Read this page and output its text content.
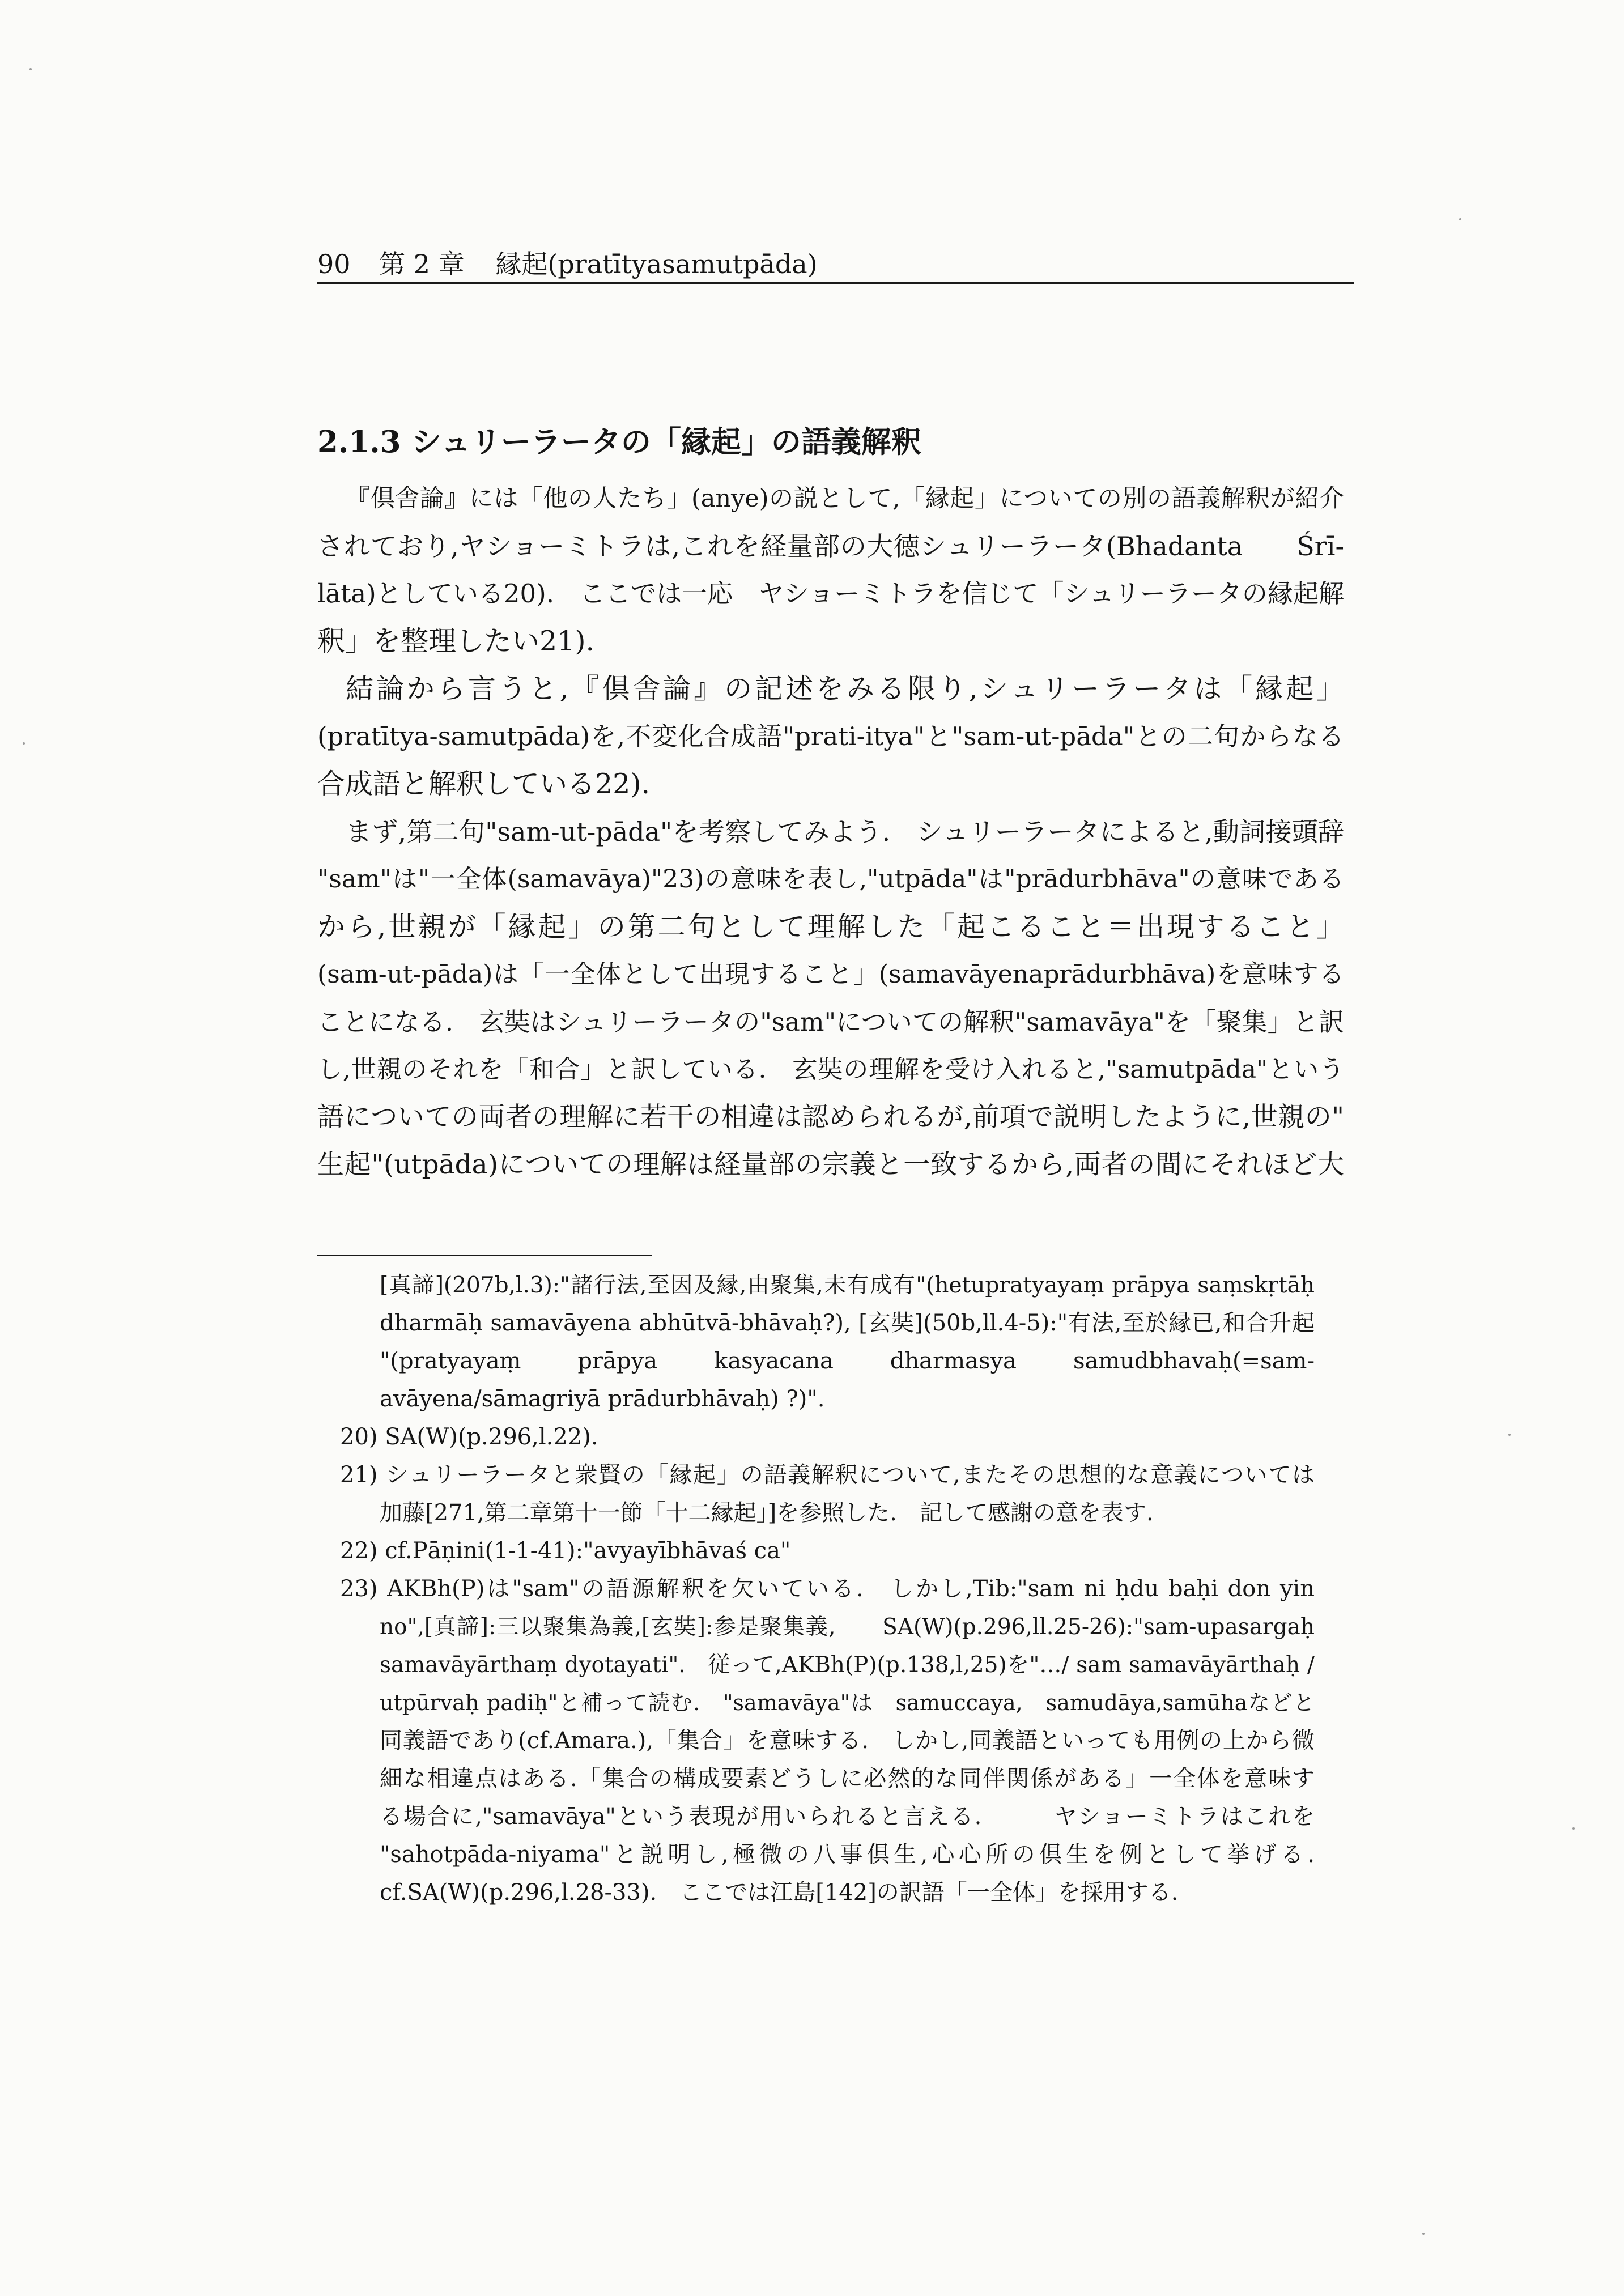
90 第 2 章 縁起(pratītyasamutpāda)
2.1.3 シュリーラータの「縁起」の語義解釈
『倶舎論』には「他の人たち」(anye)の説として,「縁起」についての別の語義解釈が紹介
されており,ヤショーミトラは,これを経量部の大徳シュリーラータ(Bhadanta　　Śrī-
lāta)としている20).　ここでは一応　ヤショーミトラを信じて「シュリーラータの縁起解
釈」を整理したい21).
結論から言うと,『倶舎論』の記述をみる限り,シュリーラータは「縁起」
(pratītya-samutpāda)を,不変化合成語"prati-itya"と"sam-ut-pāda"との二句からなる
合成語と解釈している22).
まず,第二句"sam-ut-pāda"を考察してみよう.　シュリーラータによると,動詞接頭辞
"sam"は"一全体(samavāya)"23)の意味を表し,"utpāda"は"prādurbhāva"の意味である
から,世親が「縁起」の第二句として理解した「起こること＝出現すること」
(sam-ut-pāda)は「一全体として出現すること」(samavāyenaprādurbhāva)を意味する
ことになる.　玄奘はシュリーラータの"sam"についての解釈"samavāya"を「聚集」と訳
し,世親のそれを「和合」と訳している.　玄奘の理解を受け入れると,"samutpāda"という
語についての両者の理解に若干の相違は認められるが,前項で説明したように,世親の"
生起"(utpāda)についての理解は経量部の宗義と一致するから,両者の間にそれほど大
[真諦](207b,l.3):"諸行法,至因及縁,由聚集,未有成有"(hetupratyayaṃ prāpya saṃskṛtāḥ
dharmāḥ samavāyena abhūtvā-bhāvaḥ?), [玄奘](50b,ll.4-5):"有法,至於縁已,和合升起
"(pratyayaṃ　prāpya　kasyacana　dharmasya　samudbhavaḥ(=sam-
avāyena/sāmagriyā prādurbhāvaḥ) ?)".
20) SA(W)(p.296,l.22).
21) シュリーラータと衆賢の「縁起」の語義解釈について,またその思想的な意義については
加藤[271,第二章第十一節「十二縁起」]を参照した.　記して感謝の意を表す.
22) cf.Pāṇini(1-1-41):"avyayībhāvaś ca"
23) AKBh(P)は"sam"の語源解釈を欠いている.　しかし,Tib:"sam ni ḥdu baḥi don yin
no",[真諦]:三以聚集為義,[玄奘]:参是聚集義,　　SA(W)(p.296,ll.25-26):"sam-upasargaḥ
samavāyārthaṃ dyotayati".　従って,AKBh(P)(p.138,l,25)を"…/ sam samavāyārthaḥ /
utpūrvaḥ padiḥ"と補って読む.　"samavāya"は　samuccaya,　samudāya,samūhaなどと
同義語であり(cf.Amara.),「集合」を意味する.　しかし,同義語といっても用例の上から微
細な相違点はある.「集合の構成要素どうしに必然的な同伴関係がある」一全体を意味す
る場合に,"samavāya"という表現が用いられると言える.　　　ヤショーミトラはこれを
"sahotpāda-niyama"と説明し,極微の八事倶生,心心所の倶生を例として挙げる.
cf.SA(W)(p.296,l.28-33).　ここでは江島[142]の訳語「一全体」を採用する.
